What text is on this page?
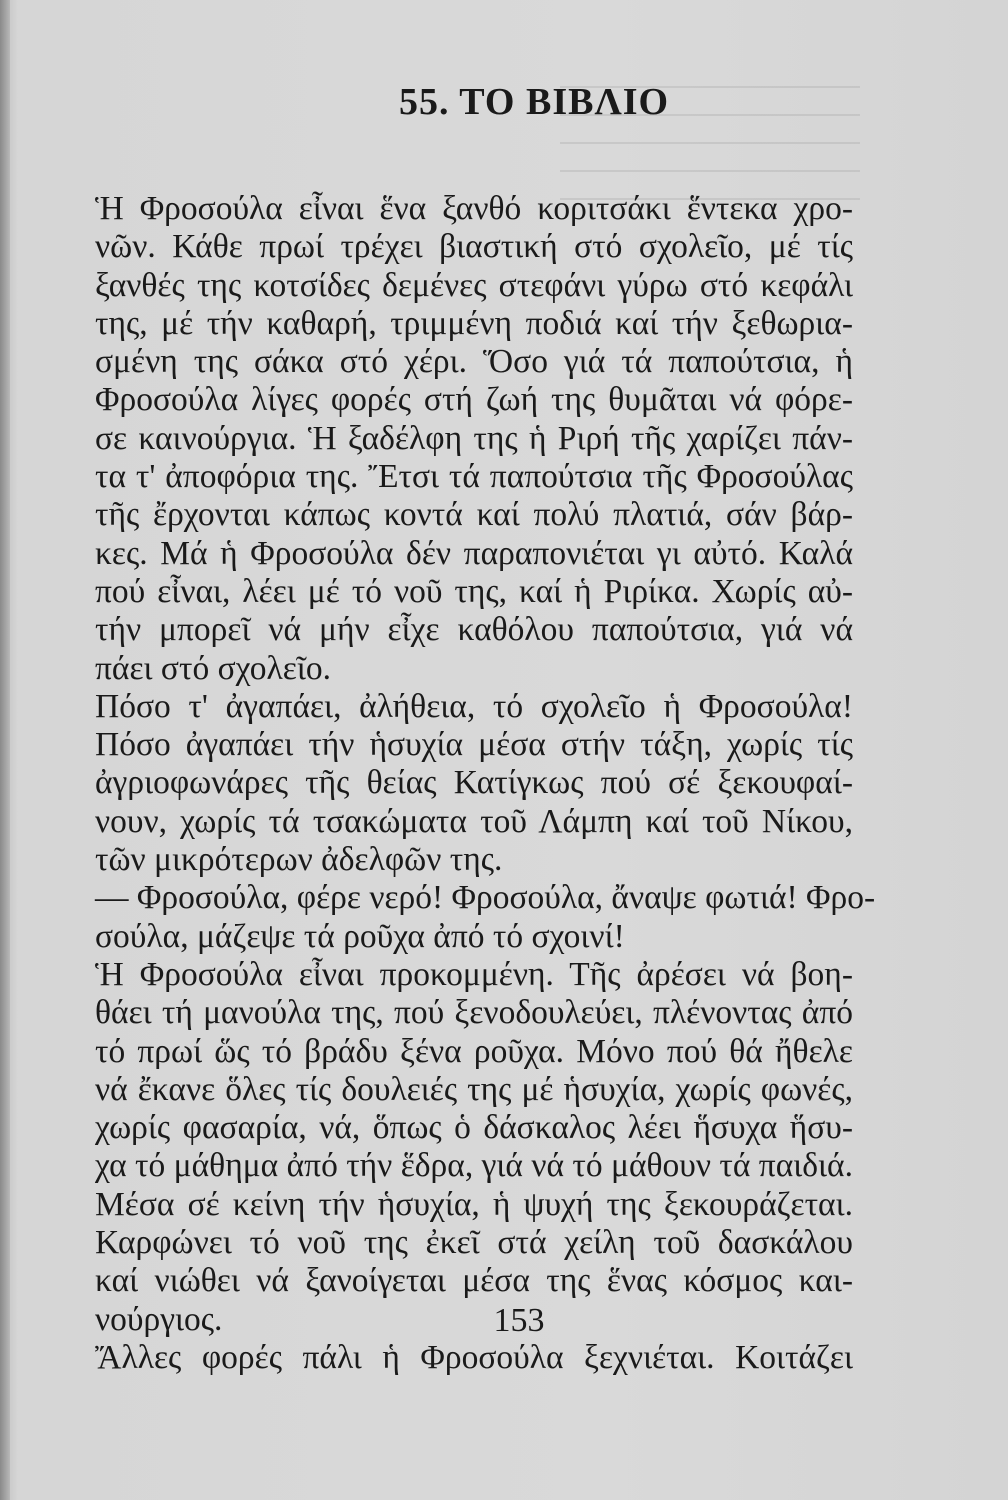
55. ΤΟ ΒΙΒΛΙΟ
Ἡ Φροσούλα εἶναι ἕνα ξανθό κοριτσάκι ἕντεκα χρο-
νῶν. Κάθε πρωί τρέχει βιαστική στό σχολεῖο, μέ τίς
ξανθές της κοτσίδες δεμένες στεφάνι γύρω στό κεφάλι
της, μέ τήν καθαρή, τριμμένη ποδιά καί τήν ξεθωρια-
σμένη της σάκα στό χέρι. Ὅσο γιά τά παπούτσια, ἡ
Φροσούλα λίγες φορές στή ζωή της θυμᾶται νά φόρε-
σε καινούργια. Ἡ ξαδέλφη της ἡ Ριρή τῆς χαρίζει πάν-
τα τ' ἀποφόρια της. Ἔτσι τά παπούτσια τῆς Φροσούλας
τῆς ἔρχονται κάπως κοντά καί πολύ πλατιά, σάν βάρ-
κες. Μά ἡ Φροσούλα δέν παραπονιέται γι αὐτό. Καλά
πού εἶναι, λέει μέ τό νοῦ της, καί ἡ Ριρίκα. Χωρίς αὐ-
τήν μπορεῖ νά μήν εἶχε καθόλου παπούτσια, γιά νά
πάει στό σχολεῖο.
Πόσο τ' ἀγαπάει, ἀλήθεια, τό σχολεῖο ἡ Φροσούλα!
Πόσο ἀγαπάει τήν ἡσυχία μέσα στήν τάξη, χωρίς τίς
ἀγριοφωνάρες τῆς θείας Κατίγκως πού σέ ξεκουφαί-
νουν, χωρίς τά τσακώματα τοῦ Λάμπη καί τοῦ Νίκου,
τῶν μικρότερων ἀδελφῶν της.
— Φροσούλα, φέρε νερό! Φροσούλα, ἄναψε φωτιά! Φρο-
σούλα, μάζεψε τά ροῦχα ἀπό τό σχοινί!
Ἡ Φροσούλα εἶναι προκομμένη. Τῆς ἀρέσει νά βοη-
θάει τή μανούλα της, πού ξενοδουλεύει, πλένοντας ἀπό
τό πρωί ὥς τό βράδυ ξένα ροῦχα. Μόνο πού θά ἤθελε
νά ἔκανε ὅλες τίς δουλειές της μέ ἡσυχία, χωρίς φωνές,
χωρίς φασαρία, νά, ὅπως ὁ δάσκαλος λέει ἥσυχα ἥσυ-
χα τό μάθημα ἀπό τήν ἕδρα, γιά νά τό μάθουν τά παιδιά.
Μέσα σέ κείνη τήν ἡσυχία, ἡ ψυχή της ξεκουράζεται.
Καρφώνει τό νοῦ της ἐκεῖ στά χείλη τοῦ δασκάλου
καί νιώθει νά ξανοίγεται μέσα της ἕνας κόσμος και-
νούργιος.
Ἄλλες φορές πάλι ἡ Φροσούλα ξεχνιέται. Κοιτάζει
153
